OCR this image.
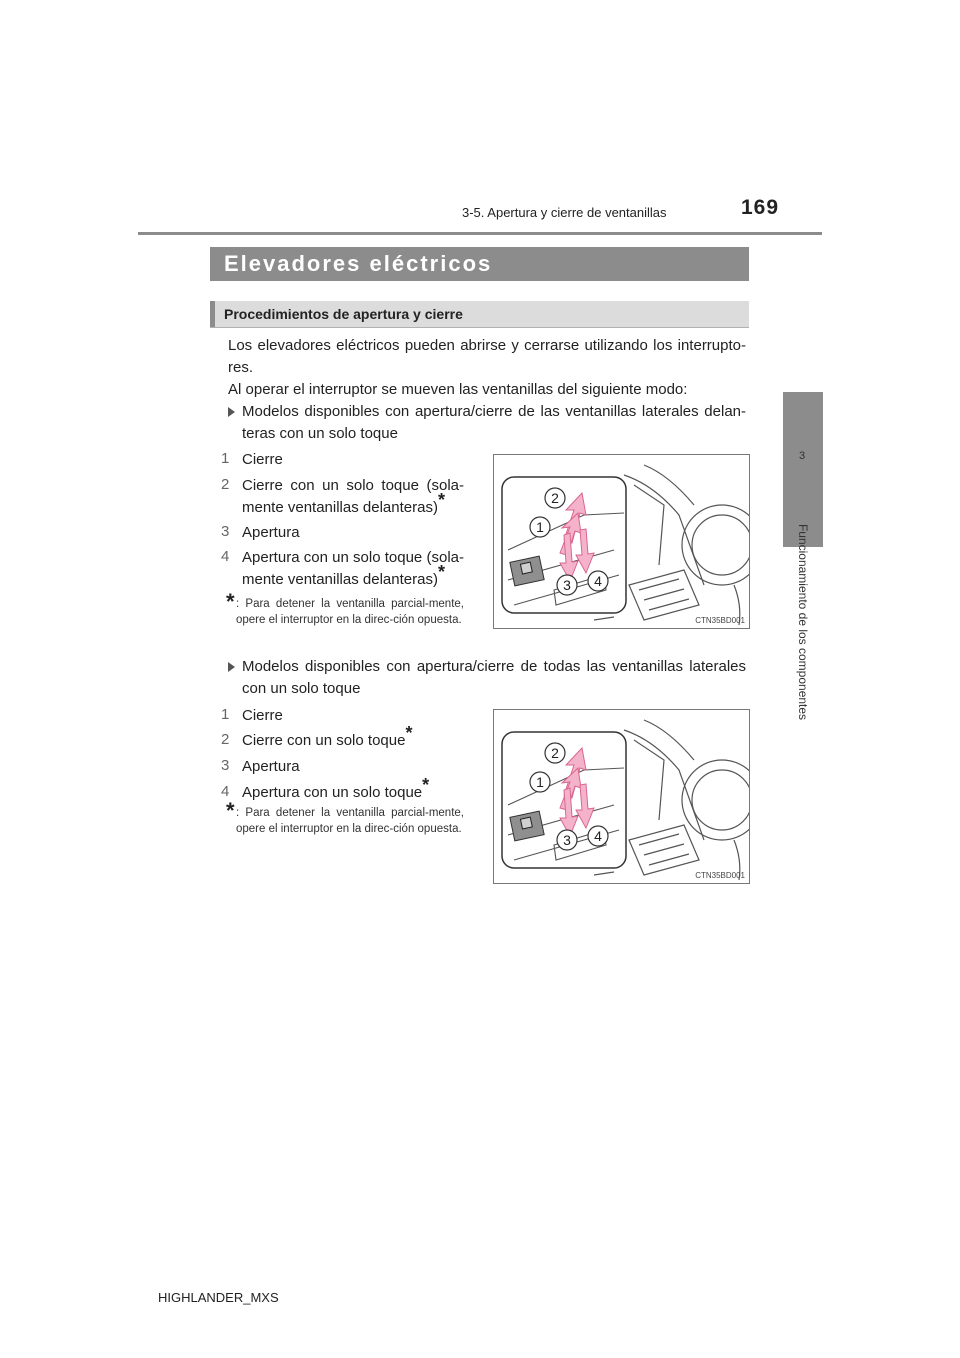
3-5. Apertura y cierre de ventanillas	169
3
Funcionamiento de los componentes
Elevadores eléctricos
Procedimientos de apertura y cierre
Los elevadores eléctricos pueden abrirse y cerrarse utilizando los interrupto-res.
Al operar el interruptor se mueven las ventanillas del siguiente modo:
Modelos disponibles con apertura/cierre de las ventanillas laterales delan-teras con un solo toque
1 Cierre
2 Cierre con un solo toque (sola-mente ventanillas delanteras)*
3 Apertura
4 Apertura con un solo toque (sola-mente ventanillas delanteras)*
* : Para detener la ventanilla parcial-mente, opere el interruptor en la direc-ción opuesta.
2
1
3 4
CTN35BD001
Modelos disponibles con apertura/cierre de todas las ventanillas laterales con un solo toque
1 Cierre
2 Cierre con un solo toque*
3 Apertura
4 Apertura con un solo toque*
* : Para detener la ventanilla parcial-mente, opere el interruptor en la direc-ción opuesta.
2
1
3 4
CTN35BD001
HIGHLANDER_MXS
